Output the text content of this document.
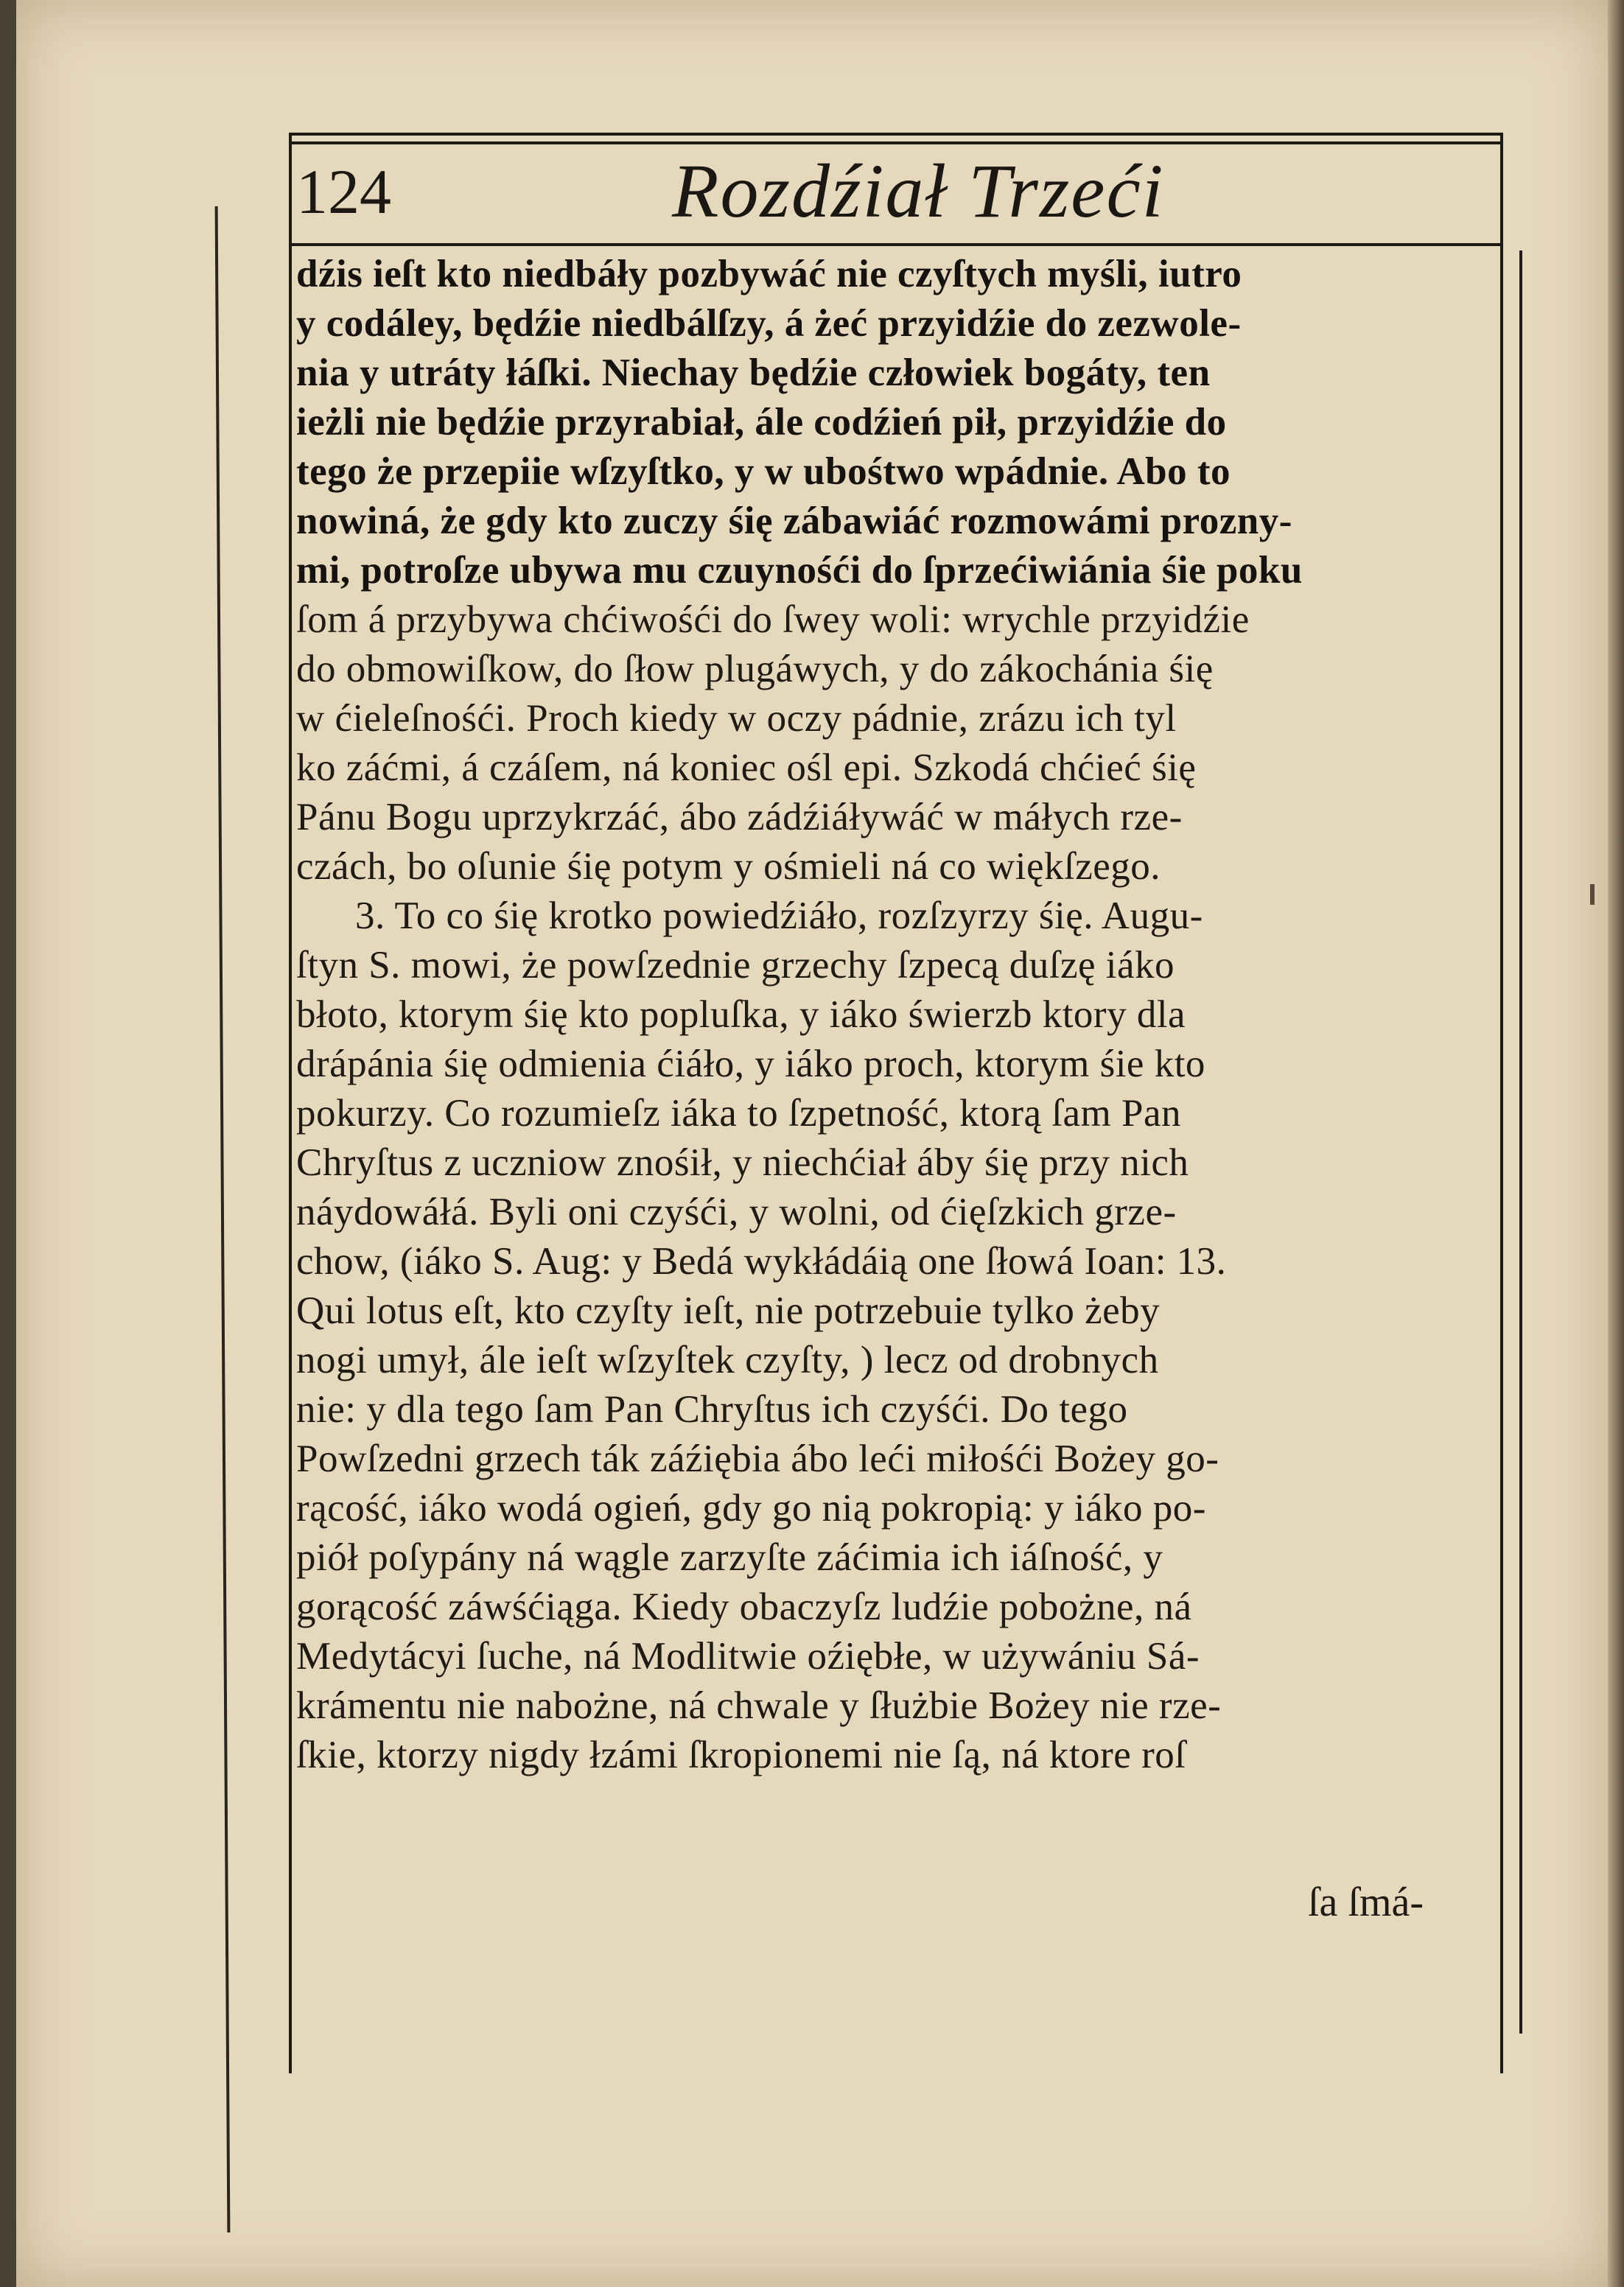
124	Rozdźiał Trzeći
dźis ieſt kto niedbáły pozbywáć nie czyſtych myśli, iutro
y codáley, będźie niedbálſzy, á żeć przyidźie do zezwole-
nia y utráty łáſki. Niechay będźie człowiek bogáty, ten
ieżli nie będźie przyrabiał, ále codźień pił, przyidźie do
tego że przepiie wſzyſtko, y w ubośtwo wpádnie. Abo to
nowiná, że gdy kto zuczy śię zábawiáć rozmowámi prozny-
mi, potroſze ubywa mu czuynośći do ſprzećiwiánia śie poku
ſom á przybywa chćiwośći do ſwey woli: wrychle przyidźie
do obmowiſkow, do ſłow plugáwych, y do zákochánia śię
w ćieleſnośći. Proch kiedy w oczy pádnie, zrázu ich tyl
ko záćmi, á czáſem, ná koniec ośl epi. Szkodá chćieć śię
Pánu Bogu uprzykrzáć, ábo zádźiáływáć w máłych rze-
czách, bo oſunie śię potym y ośmieli ná co więkſzego.
3. To co śię krotko powiedźiáło, rozſzyrzy śię. Augu-
ſtyn S. mowi, że powſzednie grzechy ſzpecą duſzę iáko
błoto, ktorym śię kto popluſka, y iáko świerzb ktory dla
drápánia śię odmienia ćiáło, y iáko proch, ktorym śie kto
pokurzy. Co rozumieſz iáka to ſzpetność, ktorą ſam Pan
Chryſtus z uczniow znośił, y niechćiał áby śię przy nich
náydowáłá. Byli oni czyśći, y wolni, od ćięſzkich grze-
chow, (iáko S. Aug: y Bedá wykłádáią one ſłowá Ioan: 13.
Qui lotus eſt, kto czyſty ieſt, nie potrzebuie tylko żeby
nogi umył, ále ieſt wſzyſtek czyſty, ) lecz od drobnych
nie: y dla tego ſam Pan Chryſtus ich czyśći. Do tego
Powſzedni grzech ták záźiębia ábo leći miłośći Bożey go-
rącość, iáko wodá ogień, gdy go nią pokropią: y iáko po-
piół poſypány ná wągle zarzyſte záćimia ich iáſność, y
gorącość záwśćiąga. Kiedy obaczyſz ludźie pobożne, ná
Medytácyi ſuche, ná Modlitwie oźiębłe, w używániu Sá-
krámentu nie nabożne, ná chwale y ſłużbie Bożey nie rze-
ſkie, ktorzy nigdy łzámi ſkropionemi nie ſą, ná ktore roſ
ſa ſmá-
